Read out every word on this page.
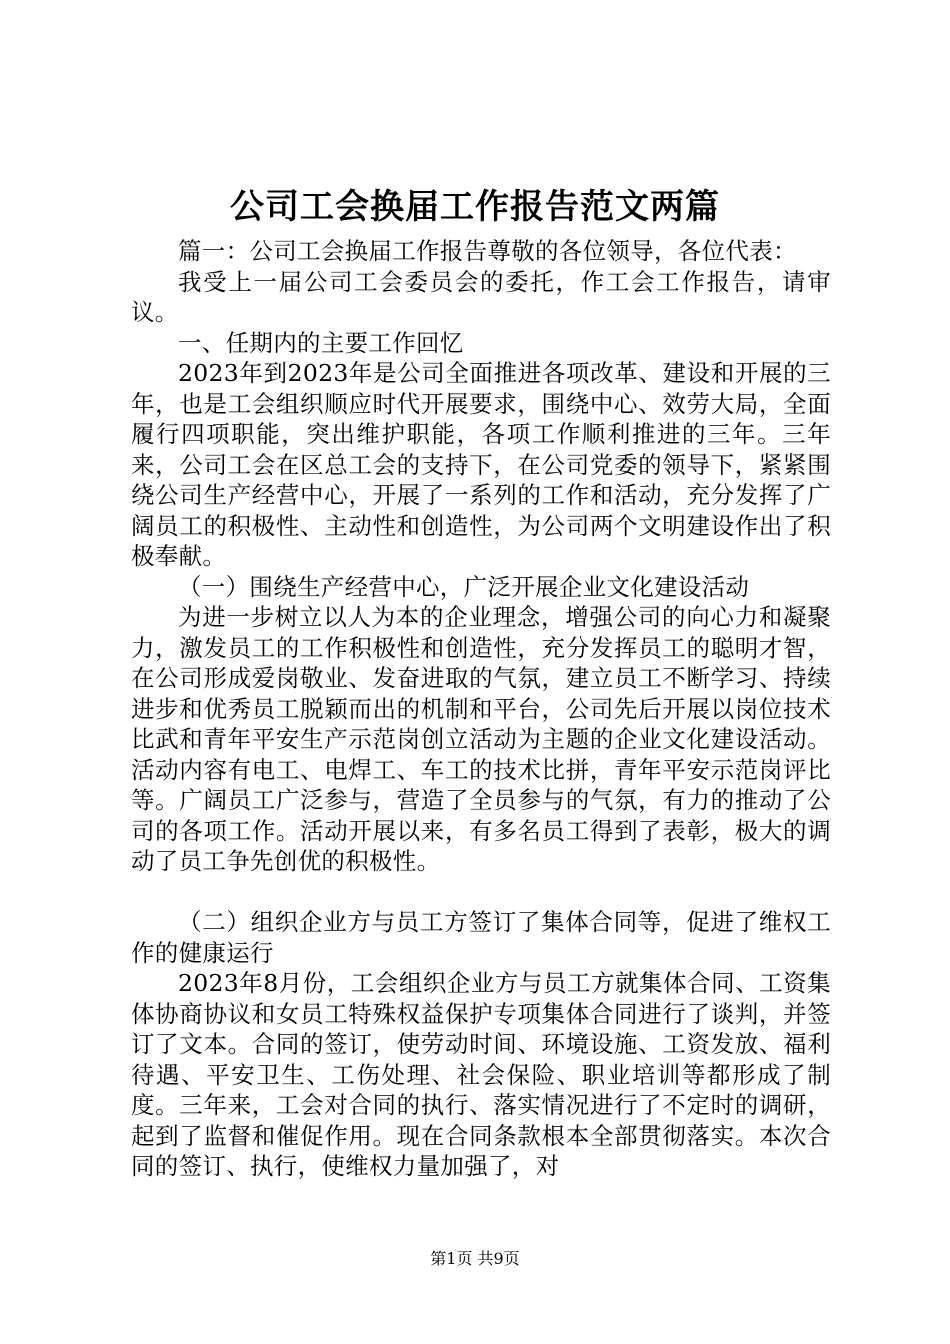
公司工会换届工作报告范文两篇

篇一：公司工会换届工作报告尊敬的各位领导，各位代表：

我受上一届公司工会委员会的委托，作工会工作报告，请审议。

一、任期内的主要工作回忆

2023年到2023年是公司全面推进各项改革、建设和开展的三年，也是工会组织顺应时代开展要求，围绕中心、效劳大局，全面履行四项职能，突出维护职能，各项工作顺利推进的三年。三年来，公司工会在区总工会的支持下，在公司党委的领导下，紧紧围绕公司生产经营中心，开展了一系列的工作和活动，充分发挥了广阔员工的积极性、主动性和创造性，为公司两个文明建设作出了积极奉献。

（一）围绕生产经营中心，广泛开展企业文化建设活动

为进一步树立以人为本的企业理念，增强公司的向心力和凝聚力，激发员工的工作积极性和创造性，充分发挥员工的聪明才智，在公司形成爱岗敬业、发奋进取的气氛，建立员工不断学习、持续进步和优秀员工脱颖而出的机制和平台，公司先后开展以岗位技术比武和青年平安生产示范岗创立活动为主题的企业文化建设活动。活动内容有电工、电焊工、车工的技术比拼，青年平安示范岗评比等。广阔员工广泛参与，营造了全员参与的气氛，有力的推动了公司的各项工作。活动开展以来，有多名员工得到了表彰，极大的调动了员工争先创优的积极性。

（二）组织企业方与员工方签订了集体合同等，促进了维权工作的健康运行

2023年8月份，工会组织企业方与员工方就集体合同、工资集体协商协议和女员工特殊权益保护专项集体合同进行了谈判，并签订了文本。合同的签订，使劳动时间、环境设施、工资发放、福利待遇、平安卫生、工伤处理、社会保险、职业培训等都形成了制度。三年来，工会对合同的执行、落实情况进行了不定时的调研，起到了监督和催促作用。现在合同条款根本全部贯彻落实。本次合同的签订、执行，使维权力量加强了，对

第1页 共9页
